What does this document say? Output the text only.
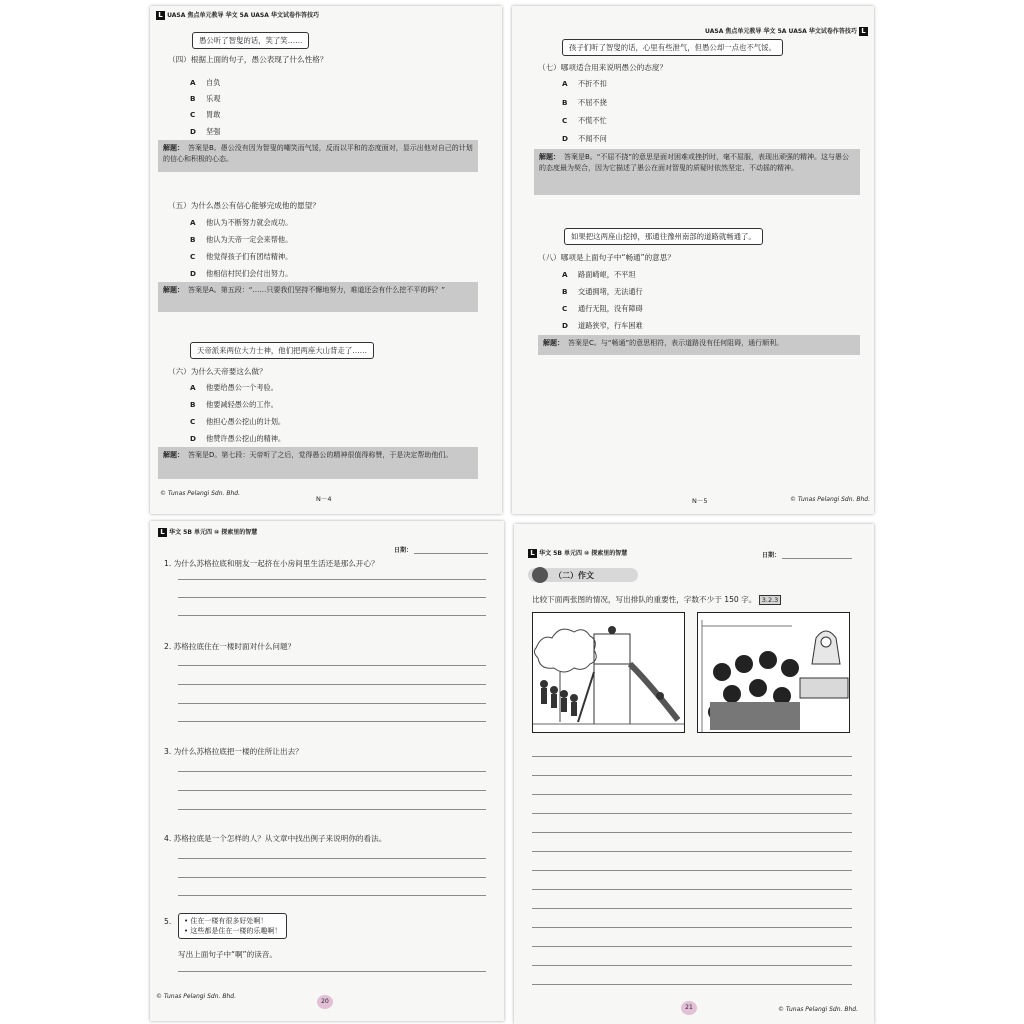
L UASA 焦点单元教导 华文 5A UASA 华文试卷作答技巧
愚公听了智叟的话，笑了笑……
（四）根据上面的句子，愚公表现了什么性格？
A 自负
B 乐观
C 胃敢
D 坚强
解题： 答案是B。愚公没有因为智叟的嘲笑而气馁，反而以平和的态度面对，显示出他对自己的计划的信心和积极的心态。
（五）为什么愚公有信心能够完成他的愿望？
A 他认为不断努力就会成功。
B 他认为天帝一定会来帮他。
C 他觉得孩子们有团结精神。
D 他相信村民们会付出努力。
解题： 答案是A。第五段：“……只要我们坚持不懈地努力，难道还会有什么挖不平的吗？”
天帝派来两位大力士神，他们把两座大山背走了……
（六）为什么天帝要这么做？
A 他要给愚公一个考验。
B 他要减轻愚公的工作。
C 他担心愚公挖山的计划。
D 他赞许愚公挖山的精神。
解题： 答案是D。第七段：天帝听了之后，觉得愚公的精神很值得称赞，于是决定帮助他们。
© Tunas Pelangi Sdn. Bhd.
N－4
UASA 焦点单元教导 华文 5A UASA 华文试卷作答技巧 L
孩子们听了智叟的话，心里有些泄气，但愚公却一点也不气馁。
（七）哪项适合用来说明愚公的态度？
A 不折不扣
B 不屈不挠
C 不慌不忙
D 不闻不问
解题： 答案是B。“不屈不挠”的意思是面对困难或挫折时，毫不屈服，表现出顽强的精神。这与愚公的态度最为契合，因为它描述了愚公在面对智叟的质疑时依然坚定、不动摇的精神。
如果把这两座山挖掉，那通往豫州南部的道路就畅通了。
（八）哪项是上面句子中“畅通”的意思？
A 路面崎岖，不平坦
B 交通拥堵，无法通行
C 通行无阻，没有障碍
D 道路狭窄，行车困难
解题： 答案是C。与“畅通”的意思相符，表示道路没有任何阻碍，通行顺利。
N－5	© Tunas Pelangi Sdn. Bhd.
L 华文 5B 单元四 ⑩ 探索里的智慧
日期：
1. 为什么苏格拉底和朋友一起挤在小房间里生活还是那么开心？
2. 苏格拉底住在一楼时面对什么问题？
3. 为什么苏格拉底把一楼的住所让出去？
4. 苏格拉底是一个怎样的人？从文章中找出例子来说明你的看法。
5. • 住在一楼有很多好处啊！
• 这些都是住在一楼的乐趣啊！
写出上面句子中“啊”的读音。
© Tunas Pelangi Sdn. Bhd.
20
L 华文 5B 单元四 ⑩ 探索里的智慧	日期：
（二）作文
比较下面两张图的情况，写出排队的重要性，字数不少于 150 字。 3.2.3
21	© Tunas Pelangi Sdn. Bhd.
